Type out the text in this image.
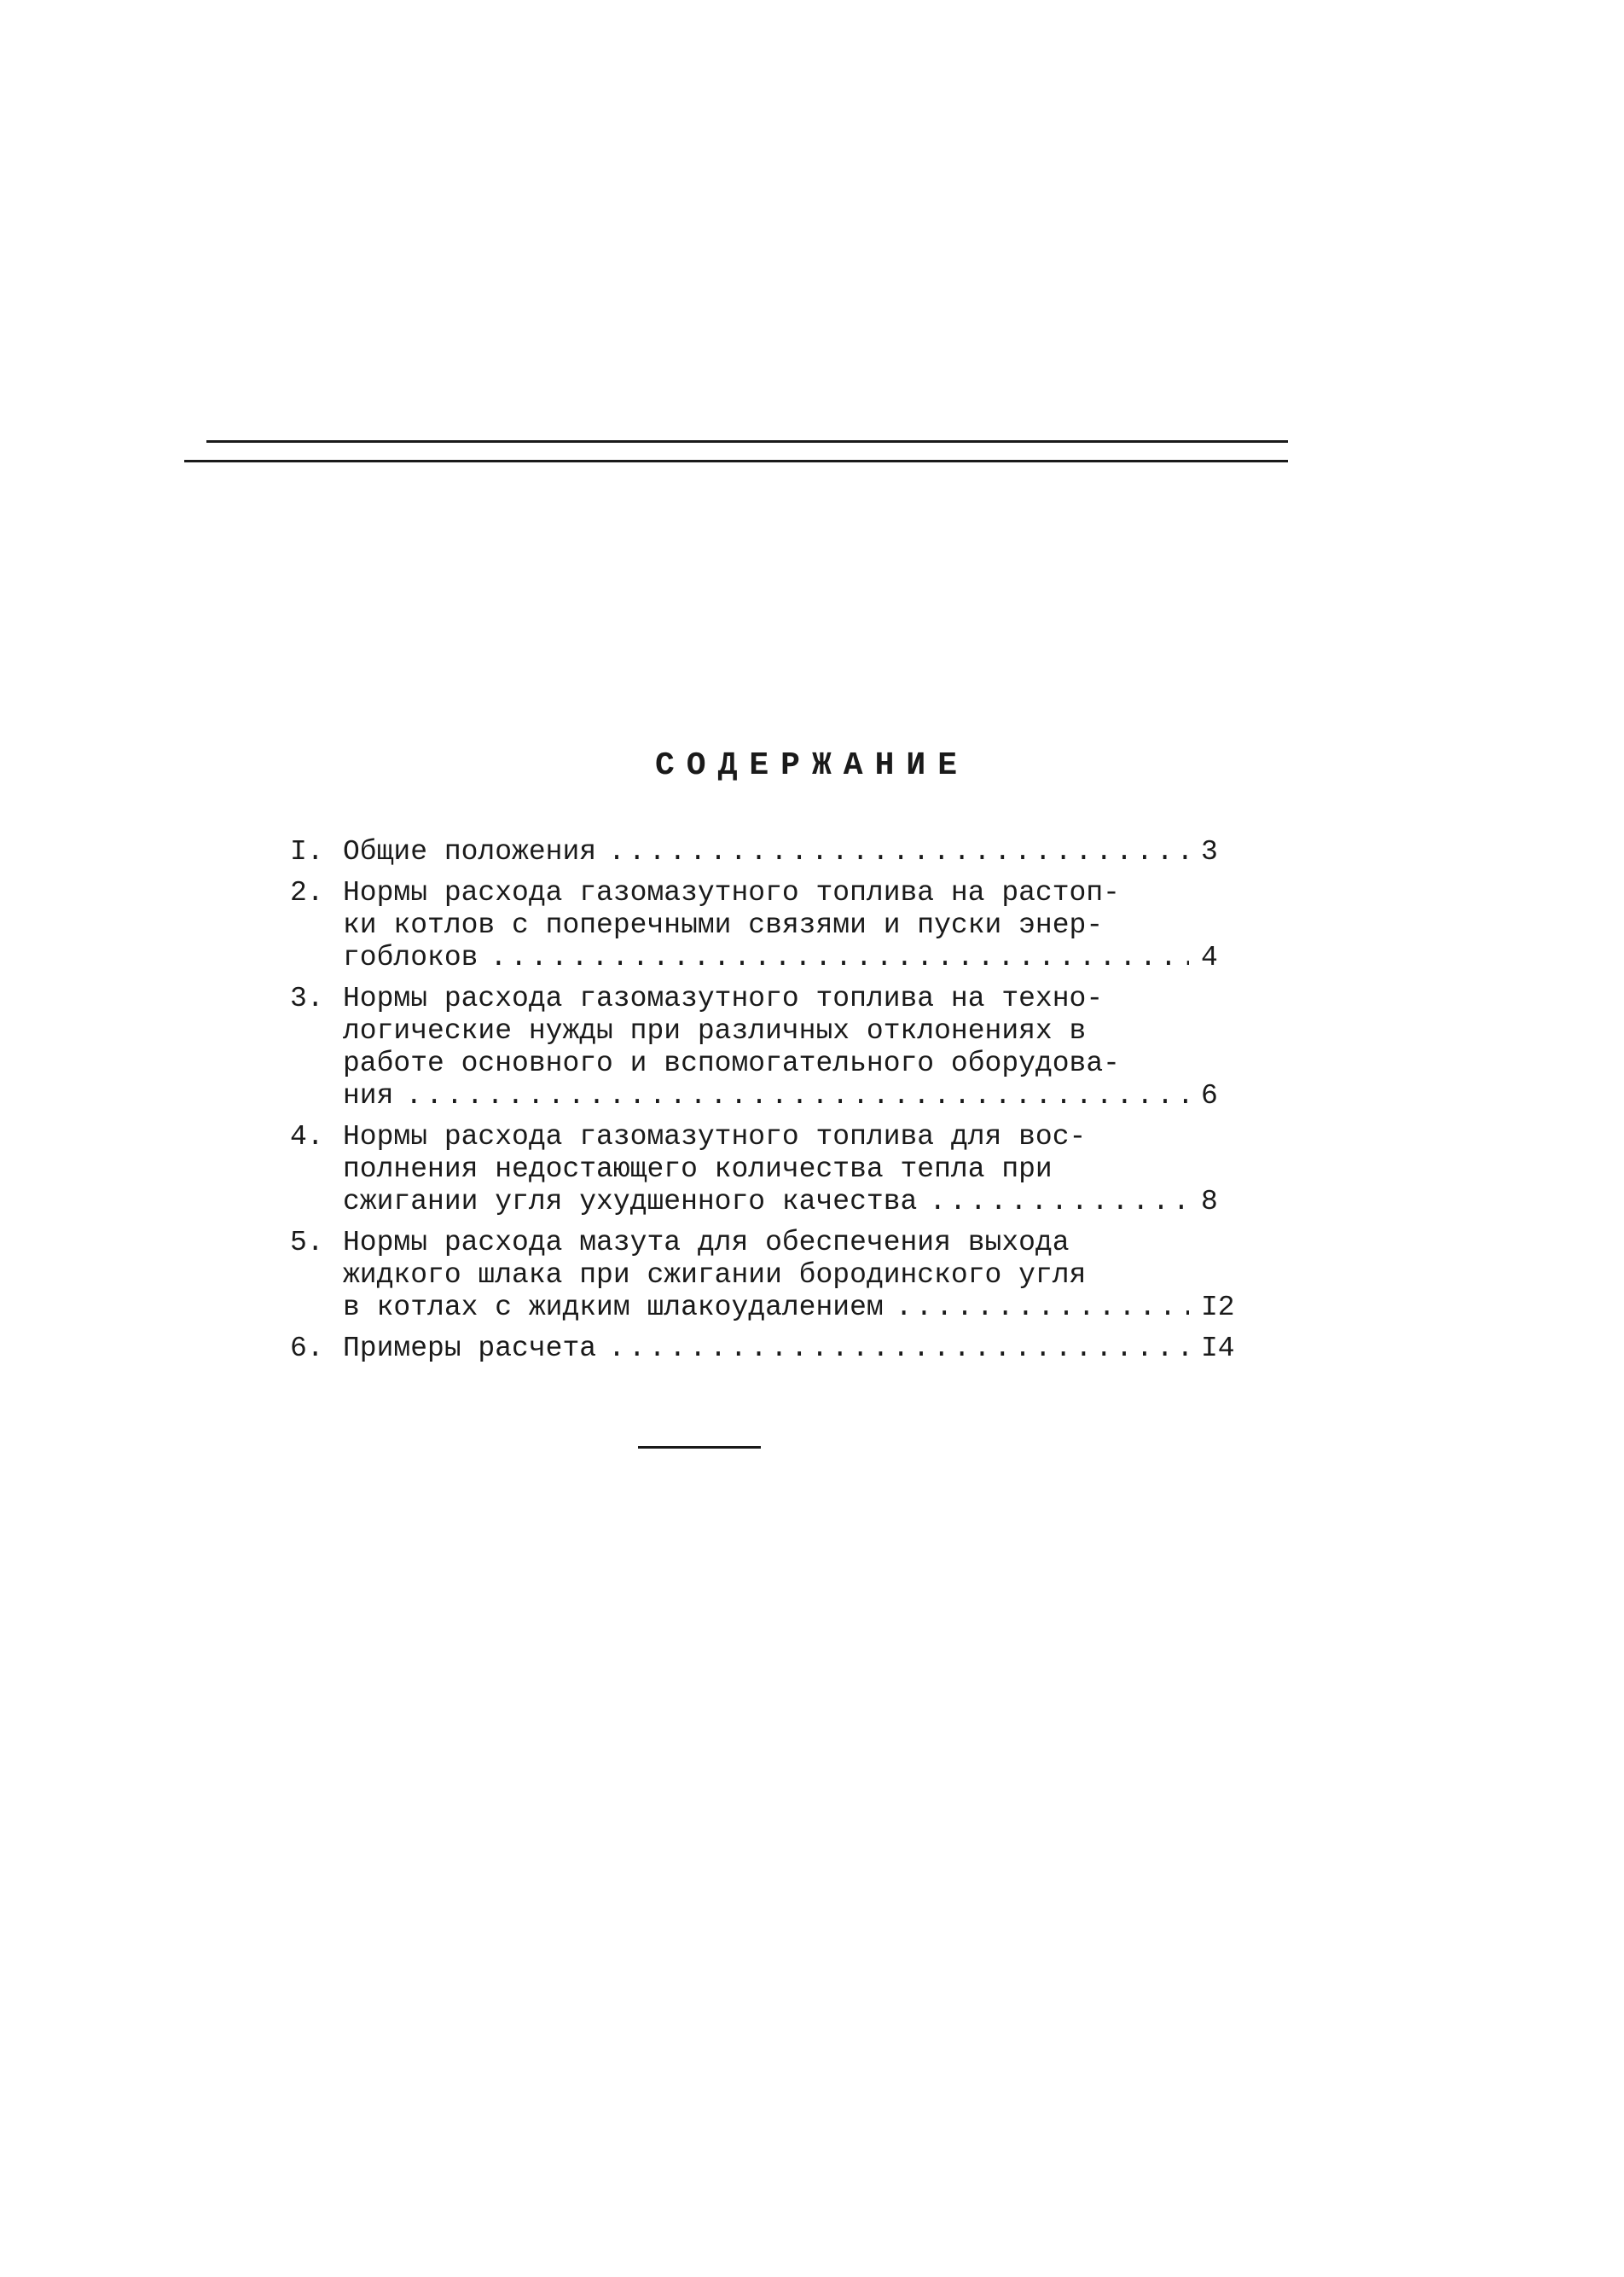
СОДЕРЖАНИЕ
I. Общие положения .....	3
2. Нормы расхода газомазутного топлива на растоп-
ки котлов с поперечными связями и пуски энер-
гоблоков .....	4
3. Нормы расхода газомазутного топлива на техно-
логические нужды при различных отклонениях в
работе основного и вспомогательного оборудова-
ния .....	6
4. Нормы расхода газомазутного топлива для вос-
полнения недостающего количества тепла при
сжигании угля ухудшенного качества .....	8
5. Нормы расхода мазута для обеспечения выхода
жидкого шлака при сжигании бородинского угля
в котлах с жидким шлакоудалением .....	I2
6. Примеры расчета .....	I4
